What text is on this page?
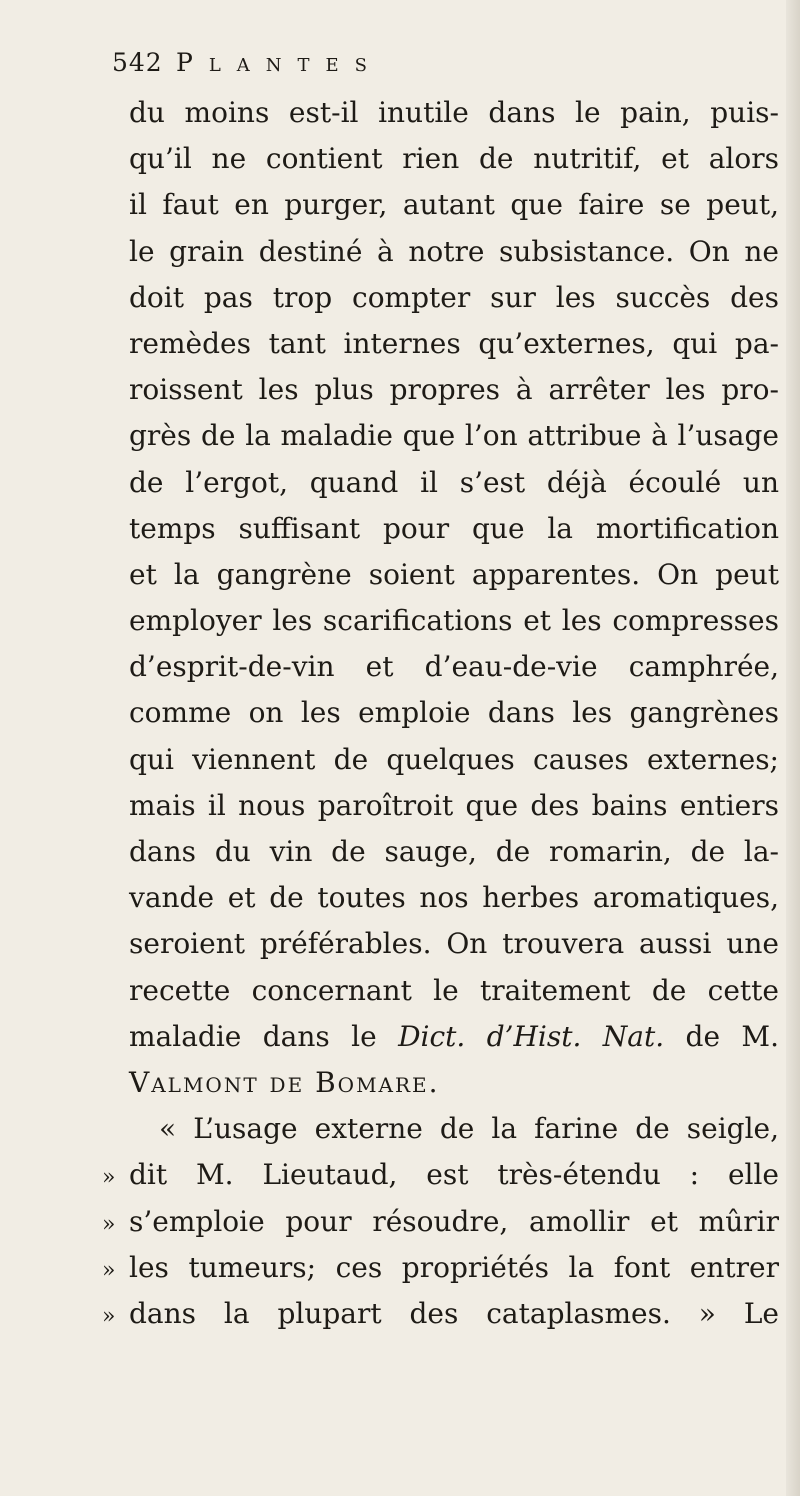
542 Plantes
du moins est-il inutile dans le pain, puis-
qu’il ne contient rien de nutritif, et alors
il faut en purger, autant que faire se peut,
le grain destiné à notre subsistance. On ne
doit pas trop compter sur les succès des
remèdes tant internes qu’externes, qui pa-
roissent les plus propres à arrêter les pro-
grès de la maladie que l’on attribue à l’usage
de l’ergot, quand il s’est déjà écoulé un
temps suffisant pour que la mortification
et la gangrène soient apparentes. On peut
employer les scarifications et les compresses
d’esprit-de-vin et d’eau-de-vie camphrée,
comme on les emploie dans les gangrènes
qui viennent de quelques causes externes;
mais il nous paroîtroit que des bains entiers
dans du vin de sauge, de romarin, de la-
vande et de toutes nos herbes aromatiques,
seroient préférables. On trouvera aussi une
recette concernant le traitement de cette
maladie dans le Dict. d’Hist. Nat. de M.
Valmont de Bomare.
« L’usage externe de la farine de seigle,
» dit M. Lieutaud, est très-étendu : elle
» s’emploie pour résoudre, amollir et mûrir
» les tumeurs; ces propriétés la font entrer
» dans la plupart des cataplasmes. » Le
